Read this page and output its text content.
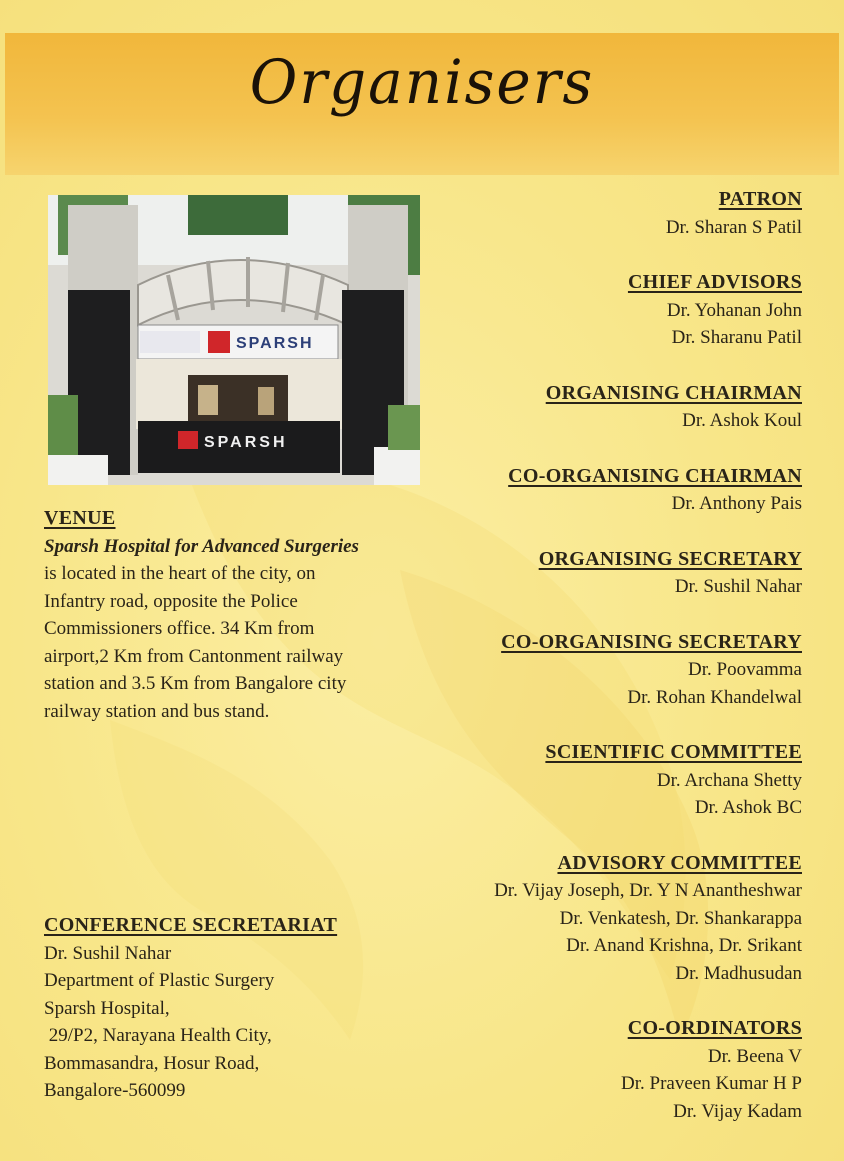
Organisers
SPARSH
SPARSH
VENUE
Sparsh Hospital for Advanced Surgeries
is located in the heart of the city, on
Infantry road, opposite the Police
Commissioners office. 34 Km from
airport,2 Km from Cantonment railway
station and 3.5 Km from Bangalore city
railway station and bus stand.
CONFERENCE SECRETARIAT
Dr. Sushil Nahar
Department of Plastic Surgery
Sparsh Hospital,
29/P2, Narayana Health City,
Bommasandra, Hosur Road,
Bangalore-560099
PATRON
Dr. Sharan S Patil
CHIEF ADVISORS
Dr. Yohanan John
Dr. Sharanu Patil
ORGANISING CHAIRMAN
Dr. Ashok Koul
CO-ORGANISING CHAIRMAN
Dr. Anthony Pais
ORGANISING SECRETARY
Dr. Sushil Nahar
CO-ORGANISING SECRETARY
Dr. Poovamma
Dr. Rohan Khandelwal
SCIENTIFIC COMMITTEE
Dr. Archana Shetty
Dr. Ashok BC
ADVISORY COMMITTEE
Dr. Vijay Joseph, Dr. Y N Anantheshwar
Dr. Venkatesh, Dr. Shankarappa
Dr. Anand Krishna, Dr. Srikant
Dr. Madhusudan
CO-ORDINATORS
Dr. Beena V
Dr. Praveen Kumar H P
Dr. Vijay Kadam
